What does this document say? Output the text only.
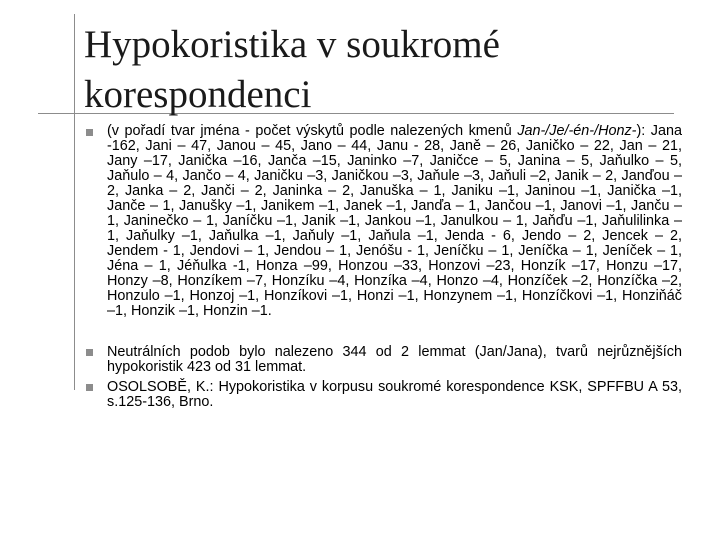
Hypokoristika v soukromé korespondenci

(v pořadí tvar jména - počet výskytů podle nalezených kmenů Jan-/Je/-én-/Honz-): Jana -162, Jani – 47, Janou – 45, Jano – 44, Janu - 28, Janě – 26, Janičko – 22, Jan – 21, Jany –17, Janička –16, Janča –15, Janinko –7, Janičce – 5, Janina – 5, Jaňulko – 5, Jaňulo – 4, Jančo – 4, Janičku –3, Janičkou –3, Jaňule –3, Jaňuli –2, Janik – 2, Janďou – 2, Janka – 2, Janči – 2, Janinka – 2, Januška – 1, Janiku –1, Janinou –1, Janička –1, Janče – 1, Janušky –1, Janikem –1, Janek –1, Janďa – 1, Jančou –1, Janovi –1, Janču – 1, Janinečko – 1, Janíčku –1, Janik –1, Jankou –1, Janulkou – 1, Jaňďu –1, Jaňulilinka –1, Jaňulky –1, Jaňulka –1, Jaňuly –1, Jaňula –1, Jenda - 6, Jendo – 2, Jencek – 2, Jendem - 1, Jendovi – 1, Jendou – 1, Jenóšu - 1, Jeníčku – 1, Jeníčka – 1, Jeníček – 1, Jéna – 1, Jéňulka -1, Honza –99, Honzou –33, Honzovi –23, Honzík –17, Honzu –17, Honzy –8, Honzíkem –7, Honzíku –4, Honzíka –4, Honzo –4, Honzíček –2, Honzíčka –2, Honzulo –1, Honzoj –1, Honzíkovi –1, Honzi –1, Honzynem –1, Honzíčkovi –1, Honziňáč –1, Honzik –1, Honzin –1.

Neutrálních podob bylo nalezeno 344 od 2 lemmat (Jan/Jana), tvarů nejrůznějších hypokoristik 423 od 31 lemmat.

OSOLSOBĚ, K.: Hypokoristika v korpusu soukromé korespondence KSK, SPFFBU A 53, s.125-136, Brno.
